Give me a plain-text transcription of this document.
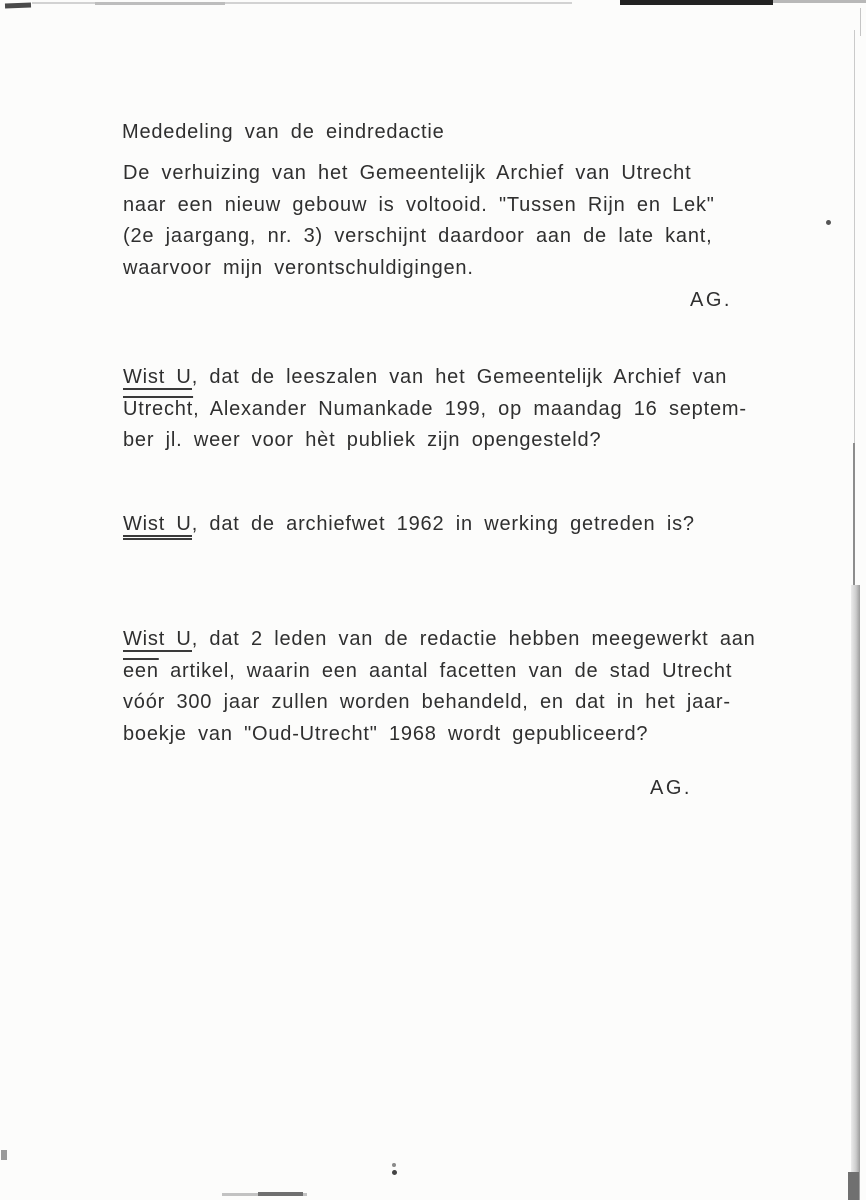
Mededeling van de eindredactie
De verhuizing van het Gemeentelijk Archief van Utrecht
naar een nieuw gebouw is voltooid. "Tussen Rijn en Lek"
(2e jaargang, nr. 3) verschijnt daardoor aan de late kant,
waarvoor mijn verontschuldigingen.
AG.
Wist U, dat de leeszalen van het Gemeentelijk Archief van
Utrecht, Alexander Numankade 199, op maandag 16 septem-
ber jl. weer voor hèt publiek zijn opengesteld?
Wist U, dat de archiefwet 1962 in werking getreden is?
Wist U, dat 2 leden van de redactie hebben meegewerkt aan
$\overline{een}$ artikel, waarin een aantal facetten van de stad Utrecht
vóór 300 jaar zullen worden behandeld, en dat in het jaar-
boekje van "Oud-Utrecht" 1968 wordt gepubliceerd?
AG.
